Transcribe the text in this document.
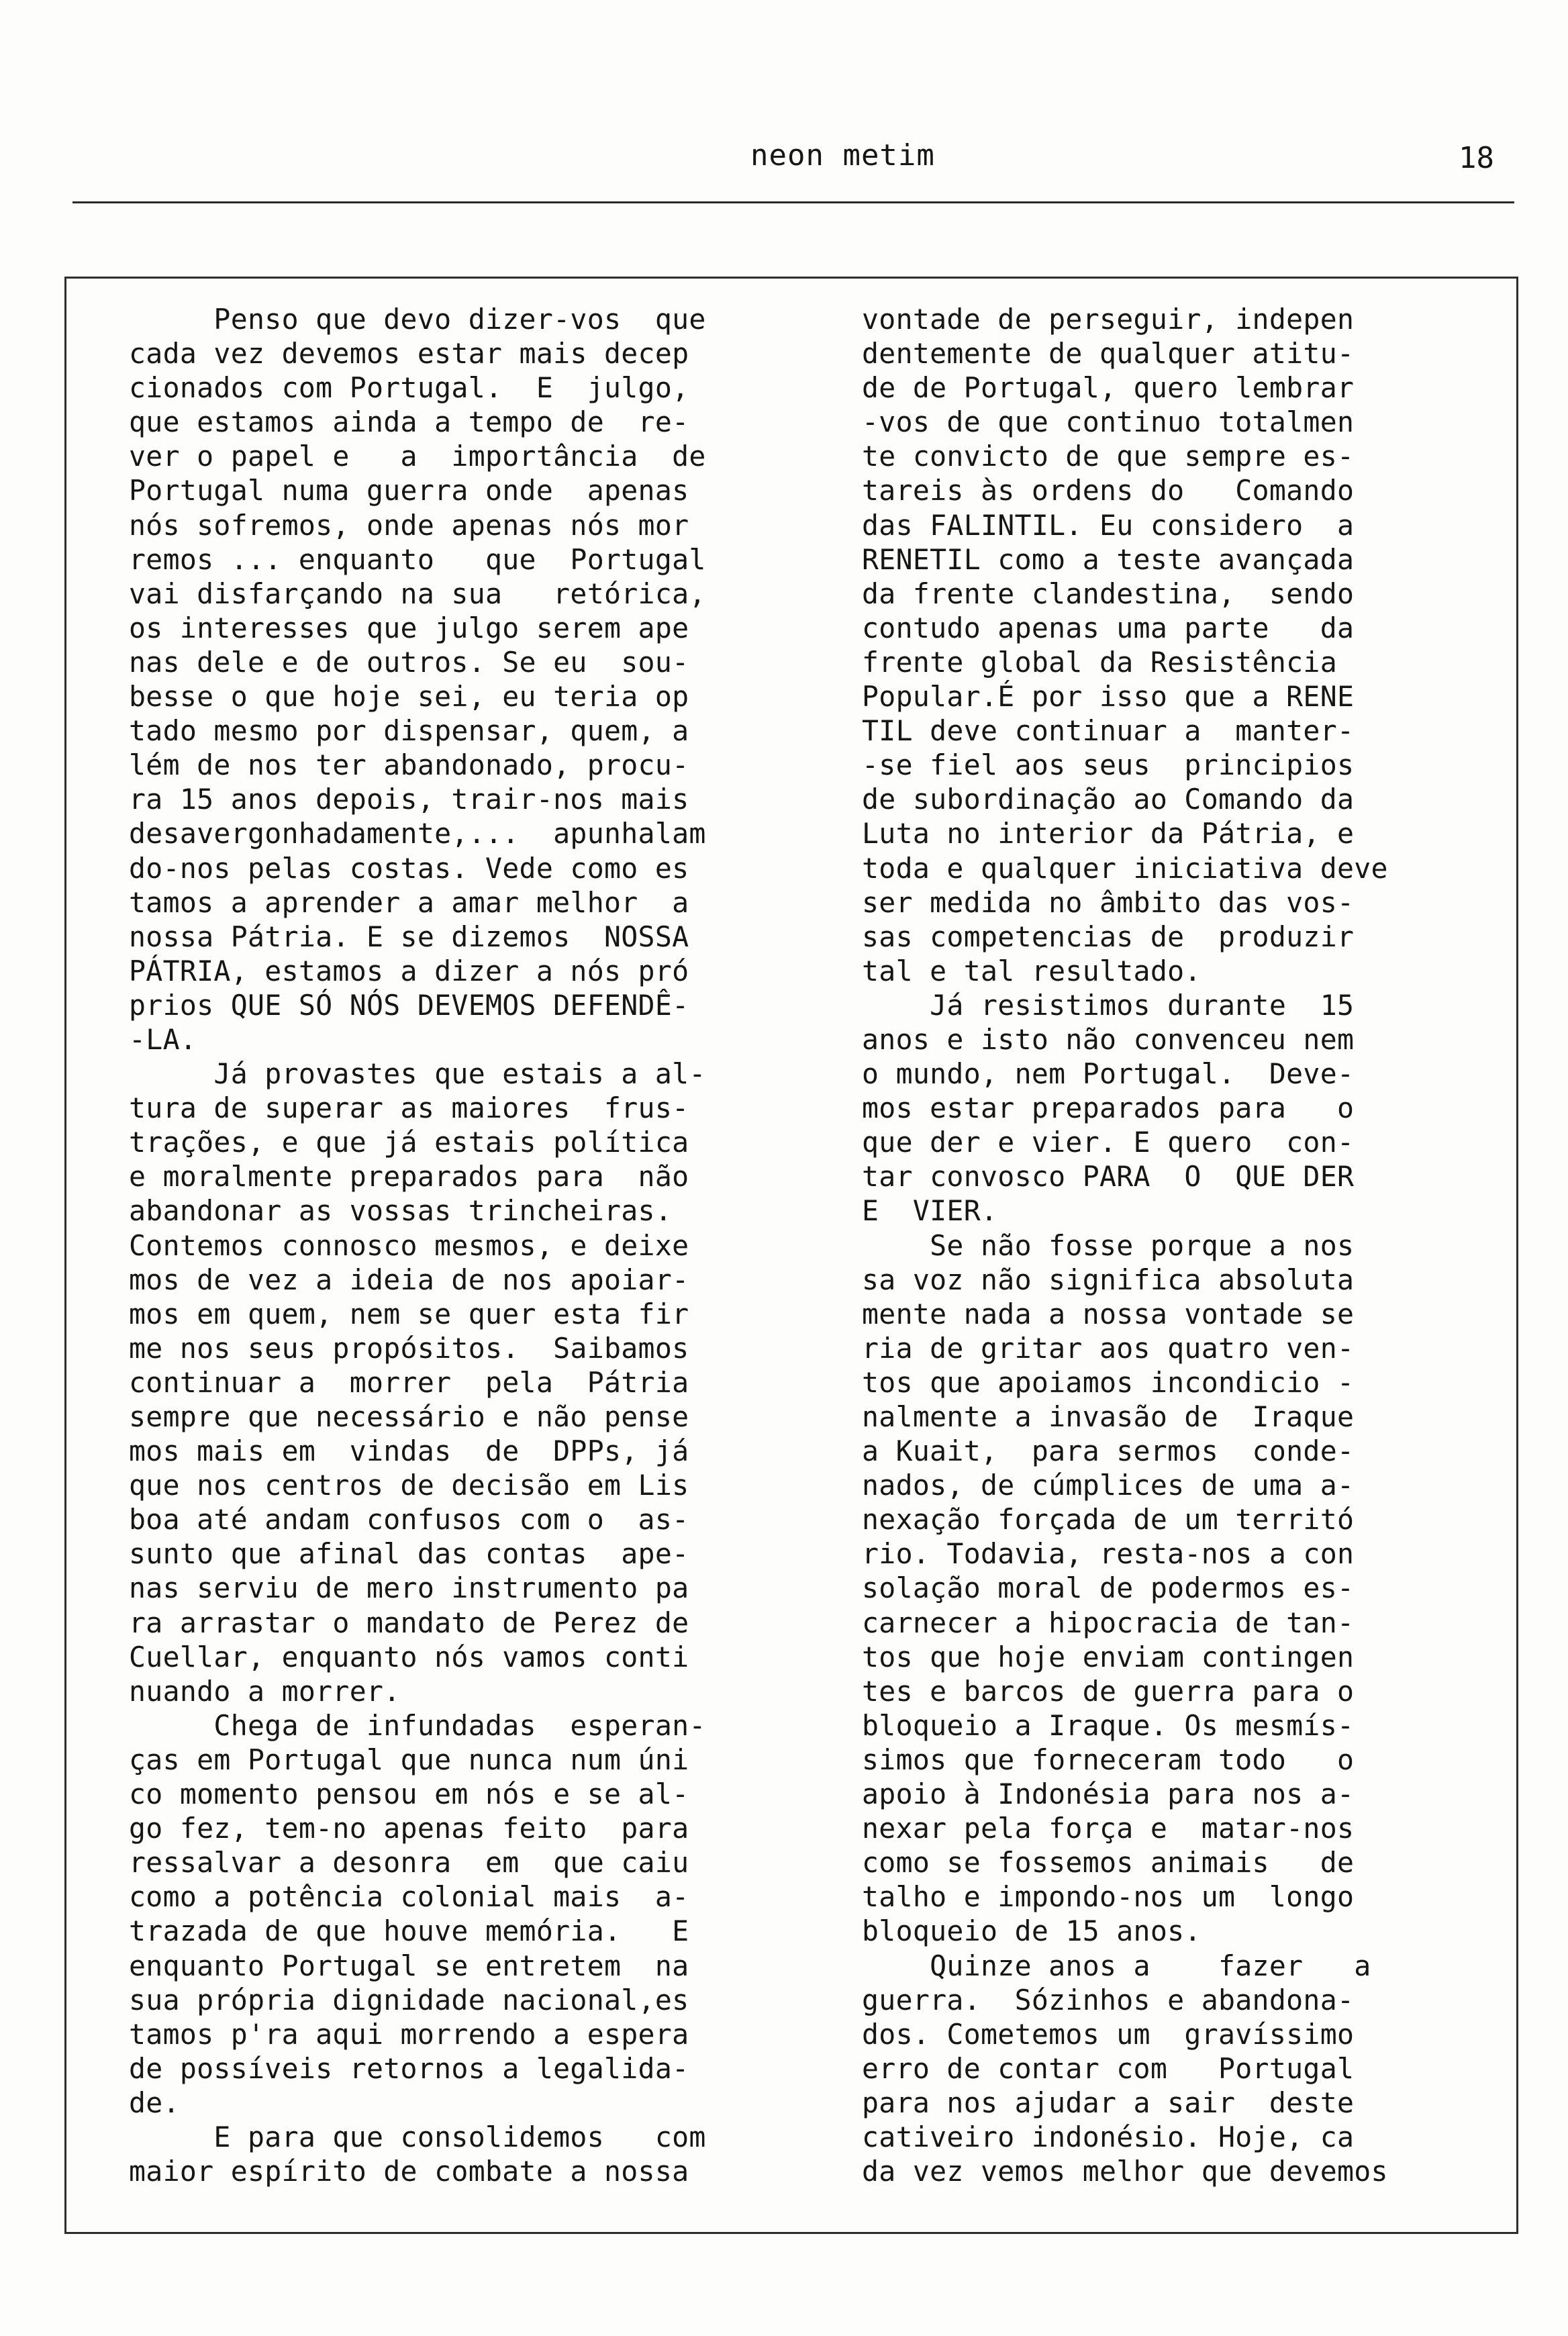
neon metim	18
Penso que devo dizer-vos  que
cada vez devemos estar mais decep
cionados com Portugal.  E  julgo,
que estamos ainda a tempo de  re-
ver o papel e   a  importância  de
Portugal numa guerra onde  apenas
nós sofremos, onde apenas nós mor
remos ... enquanto   que  Portugal
vai disfarçando na sua   retórica,
os interesses que julgo serem ape
nas dele e de outros. Se eu  sou-
besse o que hoje sei, eu teria op
tado mesmo por dispensar, quem, a
lém de nos ter abandonado, procu-
ra 15 anos depois, trair-nos mais
desavergonhadamente,...  apunhalam
do-nos pelas costas. Vede como es
tamos a aprender a amar melhor  a
nossa Pátria. E se dizemos  NOSSA
PÁTRIA, estamos a dizer a nós pró
prios QUE SÓ NÓS DEVEMOS DEFENDÊ-
-LA.
Já provastes que estais a al-
tura de superar as maiores  frus-
trações, e que já estais política
e moralmente preparados para  não
abandonar as vossas trincheiras.
Contemos connosco mesmos, e deixe
mos de vez a ideia de nos apoiar-
mos em quem, nem se quer esta fir
me nos seus propósitos.  Saibamos
continuar a  morrer  pela  Pátria
sempre que necessário e não pense
mos mais em  vindas  de  DPPs, já
que nos centros de decisão em Lis
boa até andam confusos com o  as-
sunto que afinal das contas  ape-
nas serviu de mero instrumento pa
ra arrastar o mandato de Perez de
Cuellar, enquanto nós vamos conti
nuando a morrer.
Chega de infundadas  esperan-
ças em Portugal que nunca num úni
co momento pensou em nós e se al-
go fez, tem-no apenas feito  para
ressalvar a desonra  em  que caiu
como a potência colonial mais  a-
trazada de que houve memória.   E
enquanto Portugal se entretem  na
sua própria dignidade nacional,es
tamos p'ra aqui morrendo a espera
de possíveis retornos a legalida-
de.
E para que consolidemos   com
maior espírito de combate a nossa
vontade de perseguir, indepen
dentemente de qualquer atitu-
de de Portugal, quero lembrar
-vos de que continuo totalmen
te convicto de que sempre es-
tareis às ordens do   Comando
das FALINTIL. Eu considero  a
RENETIL como a teste avançada
da frente clandestina,  sendo
contudo apenas uma parte   da
frente global da Resistência
Popular.É por isso que a RENE
TIL deve continuar a  manter-
-se fiel aos seus  principios
de subordinação ao Comando da
Luta no interior da Pátria, e
toda e qualquer iniciativa deve
ser medida no âmbito das vos-
sas competencias de  produzir
tal e tal resultado.
Já resistimos durante  15
anos e isto não convenceu nem
o mundo, nem Portugal.  Deve-
mos estar preparados para   o
que der e vier. E quero  con-
tar convosco PARA  O  QUE DER
E  VIER.
Se não fosse porque a nos
sa voz não significa absoluta
mente nada a nossa vontade se
ria de gritar aos quatro ven-
tos que apoiamos incondicio -
nalmente a invasão de  Iraque
a Kuait,  para sermos  conde-
nados, de cúmplices de uma a-
nexação forçada de um territó
rio. Todavia, resta-nos a con
solação moral de podermos es-
carnecer a hipocracia de tan-
tos que hoje enviam contingen
tes e barcos de guerra para o
bloqueio a Iraque. Os mesmís-
simos que forneceram todo   o
apoio à Indonésia para nos a-
nexar pela força e  matar-nos
como se fossemos animais   de
talho e impondo-nos um  longo
bloqueio de 15 anos.
Quinze anos a    fazer   a
guerra.  Sózinhos e abandona-
dos. Cometemos um  gravíssimo
erro de contar com   Portugal
para nos ajudar a sair  deste
cativeiro indonésio. Hoje, ca
da vez vemos melhor que devemos
